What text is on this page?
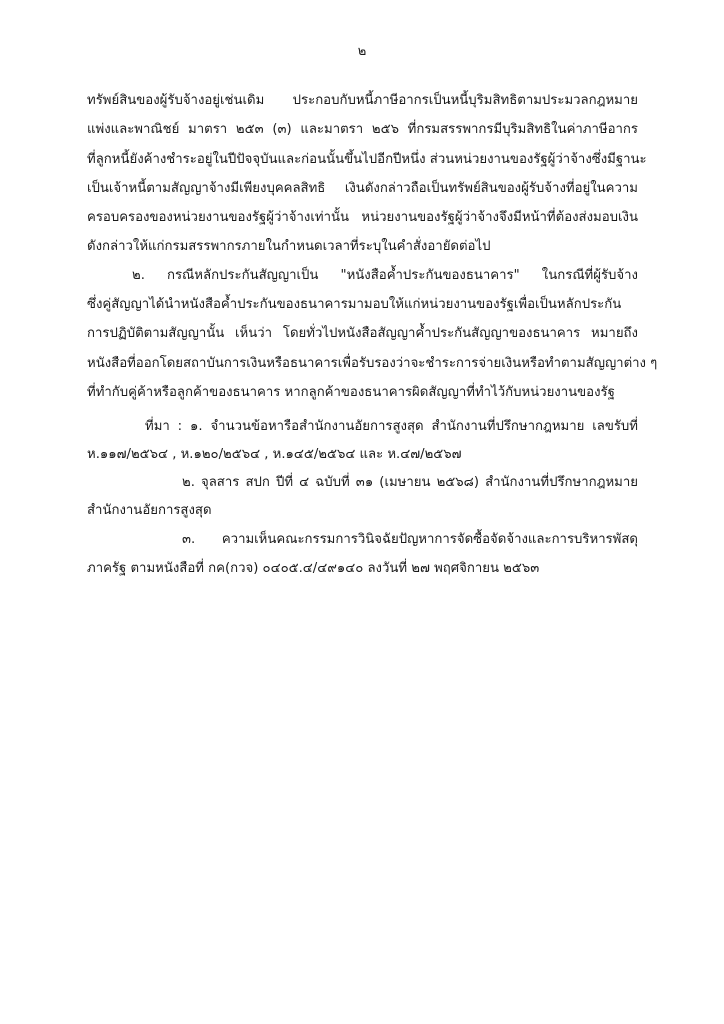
๒
ทรัพย์สินของผู้รับจ้างอยู่เช่นเดิม ประกอบกับหนี้ภาษีอากรเป็นหนี้บุริมสิทธิตามประมวลกฎหมาย
แพ่งและพาณิชย์ มาตรา ๒๕๓ (๓) และมาตรา ๒๕๖ ที่กรมสรรพากรมีบุริมสิทธิในค่าภาษีอากร
ที่ลูกหนี้ยังค้างชำระอยู่ในปีปัจจุบันและก่อนนั้นขึ้นไปอีกปีหนึ่ง ส่วนหน่วยงานของรัฐผู้ว่าจ้างซึ่งมีฐานะ
เป็นเจ้าหนี้ตามสัญญาจ้างมีเพียงบุคคลสิทธิ เงินดังกล่าวถือเป็นทรัพย์สินของผู้รับจ้างที่อยู่ในความ
ครอบครองของหน่วยงานของรัฐผู้ว่าจ้างเท่านั้น หน่วยงานของรัฐผู้ว่าจ้างจึงมีหน้าที่ต้องส่งมอบเงิน
ดังกล่าวให้แก่กรมสรรพากรภายในกำหนดเวลาที่ระบุในคำสั่งอายัดต่อไป
๒. กรณีหลักประกันสัญญาเป็น "หนังสือค้ำประกันของธนาคาร" ในกรณีที่ผู้รับจ้าง
ซึ่งคู่สัญญาได้นำหนังสือค้ำประกันของธนาคารมามอบให้แก่หน่วยงานของรัฐเพื่อเป็นหลักประกัน
การปฏิบัติตามสัญญานั้น เห็นว่า โดยทั่วไปหนังสือสัญญาค้ำประกันสัญญาของธนาคาร หมายถึง
หนังสือที่ออกโดยสถาบันการเงินหรือธนาคารเพื่อรับรองว่าจะชำระการจ่ายเงินหรือทำตามสัญญาต่าง ๆ
ที่ทำกับคู่ค้าหรือลูกค้าของธนาคาร หากลูกค้าของธนาคารผิดสัญญาที่ทำไว้กับหน่วยงานของรัฐ
ที่มา : ๑. จำนวนข้อหารือสำนักงานอัยการสูงสุด สำนักงานที่ปรึกษากฎหมาย เลขรับที่
ห.๑๑๗/๒๕๖๔ , ห.๑๒๐/๒๕๖๔ , ห.๑๔๕/๒๕๖๔ และ ห.๔๗/๒๕๖๗
๒. จุลสาร สปก ปีที่ ๔ ฉบับที่ ๓๑ (เมษายน ๒๕๖๘) สำนักงานที่ปรึกษากฎหมาย
สำนักงานอัยการสูงสุด
๓. ความเห็นคณะกรรมการวินิจฉัยปัญหาการจัดซื้อจัดจ้างและการบริหารพัสดุ
ภาครัฐ ตามหนังสือที่ กค(กวจ) ๐๔๐๕.๔/๔๙๑๔๐ ลงวันที่ ๒๗ พฤศจิกายน ๒๕๖๓
